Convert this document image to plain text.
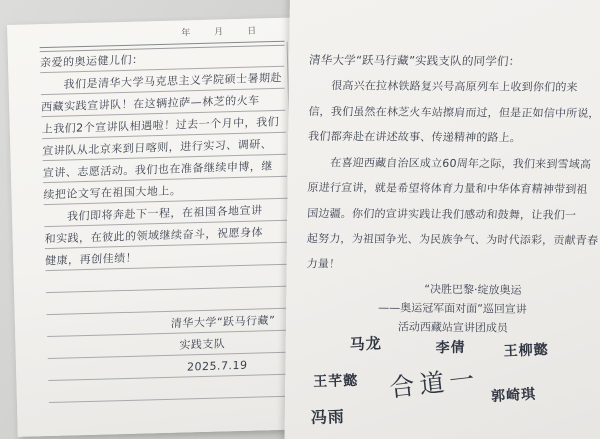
年　　月　　日
亲爱的奥运健儿们：
　　我们是清华大学马克思主义学院硕士暑期赴
西藏实践宣讲队！在这辆拉萨—林芝的火车
上我们2个宣讲队相遇啦！过去一个月中，我们
宣讲队从北京来到日喀则，进行实习、调研、
宣讲、志愿活动。我们也在准备继续申博，继
续把论文写在祖国大地上。
　　我们即将奔赴下一程，在祖国各地宣讲
和实践，在彼此的领域继续奋斗，祝愿身体
健康，再创佳绩！
清华大学“跃马行藏”
实践支队
2025.7.19
清华大学“跃马行藏”实践支队的同学们：
　　很高兴在拉林铁路复兴号高原列车上收到你们的来
信，我们虽然在林芝火车站擦肩而过，但是正如信中所说，
我们都奔赴在讲述故事、传递精神的路上。
　　在喜迎西藏自治区成立60周年之际，我们来到雪域高
原进行宣讲，就是希望将体育力量和中华体育精神带到祖
国边疆。你们的宣讲实践让我们感动和鼓舞，让我们一
起努力，为祖国争光、为民族争气、为时代添彩，贡献青春
力量！
“决胜巴黎·绽放奥运
——奥运冠军面对面”巡回宣讲
活动西藏站宣讲团成员
马龙	李倩	王柳懿
王芊懿 合道一 郭崎琪
冯雨
